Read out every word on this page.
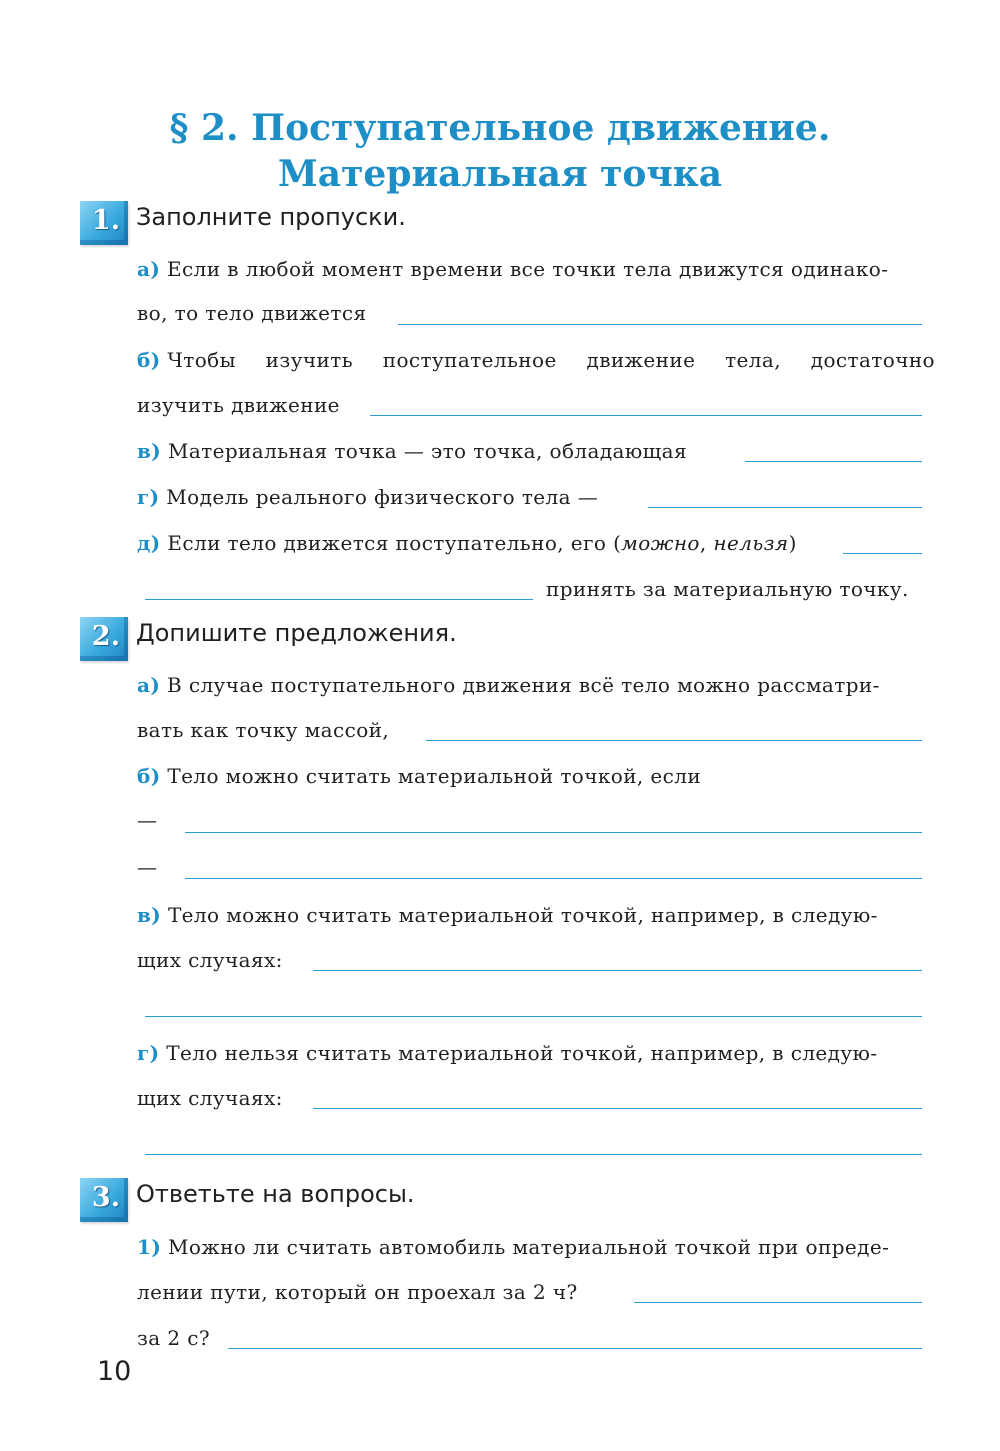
§ 2. Поступательное движение.
Материальная точка
1. Заполните пропуски.
а) Если в любой момент времени все точки тела движутся одинако-
во, то тело движется
б) Чтобы изучить поступательное движение тела, достаточно
изучить движение
в) Материальная точка — это точка, обладающая
г) Модель реального физического тела —
д) Если тело движется поступательно, его (можно, нельзя)
принять за материальную точку.
2. Допишите предложения.
а) В случае поступательного движения всё тело можно рассматри-
вать как точку массой,
б) Тело можно считать материальной точкой, если
—
—
в) Тело можно считать материальной точкой, например, в следую-
щих случаях:
г) Тело нельзя считать материальной точкой, например, в следую-
щих случаях:
3. Ответьте на вопросы.
1) Можно ли считать автомобиль материальной точкой при опреде-
лении пути, который он проехал за 2 ч?
за 2 с?
10
